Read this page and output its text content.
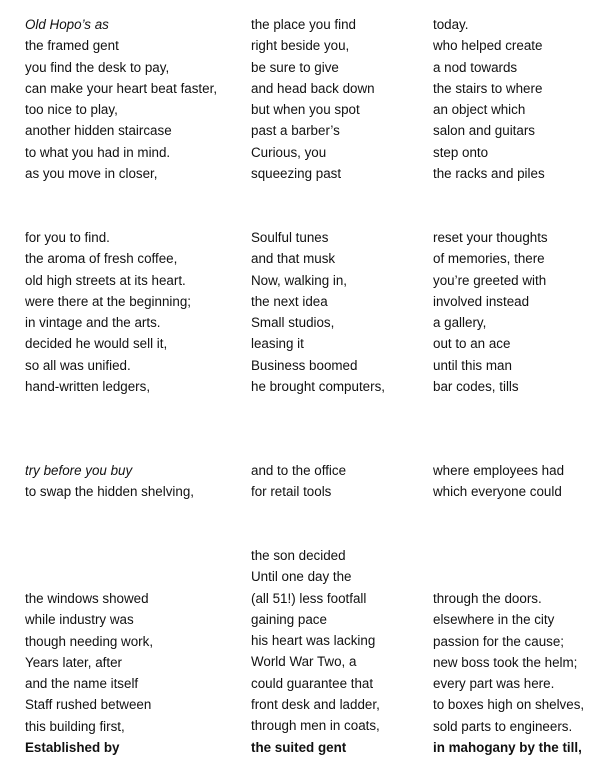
Old Hopo’s as
the framed gent
you find the desk to pay,
can make your heart beat faster,
too nice to play,
another hidden staircase
to what you had in mind.
as you move in closer,
the place you find
right beside you,
be sure to give
and head back down
but when you spot
past a barber’s
Curious, you
squeezing past
today.
who helped create
a nod towards
the stairs to where
an object which
salon and guitars
step onto
the racks and piles
for you to find.
the aroma of fresh coffee,
old high streets at its heart.
were there at the beginning;
in vintage and the arts.
decided he would sell it,
so all was unified.
hand-written ledgers,
Soulful tunes
and that musk
Now, walking in,
the next idea
Small studios,
leasing it
Business boomed
he brought computers,
reset your thoughts
of memories, there
you’re greeted with
involved instead
a gallery,
out to an ace
until this man
bar codes, tills
try before you buy
to swap the hidden shelving,
and to the office
for retail tools
where employees had
which everyone could
the windows showed
while industry was
though needing work,
Years later, after
and the name itself
Staff rushed between
this building first,
Established by
the son decided
Until one day the
(all 51!) less footfall
gaining pace
his heart was lacking
World War Two, a
could guarantee that
front desk and ladder,
through men in coats,
the suited gent
through the doors.
elsewhere in the city
passion for the cause;
new boss took the helm;
every part was here.
to boxes high on shelves,
sold parts to engineers.
in mahogany by the till,
